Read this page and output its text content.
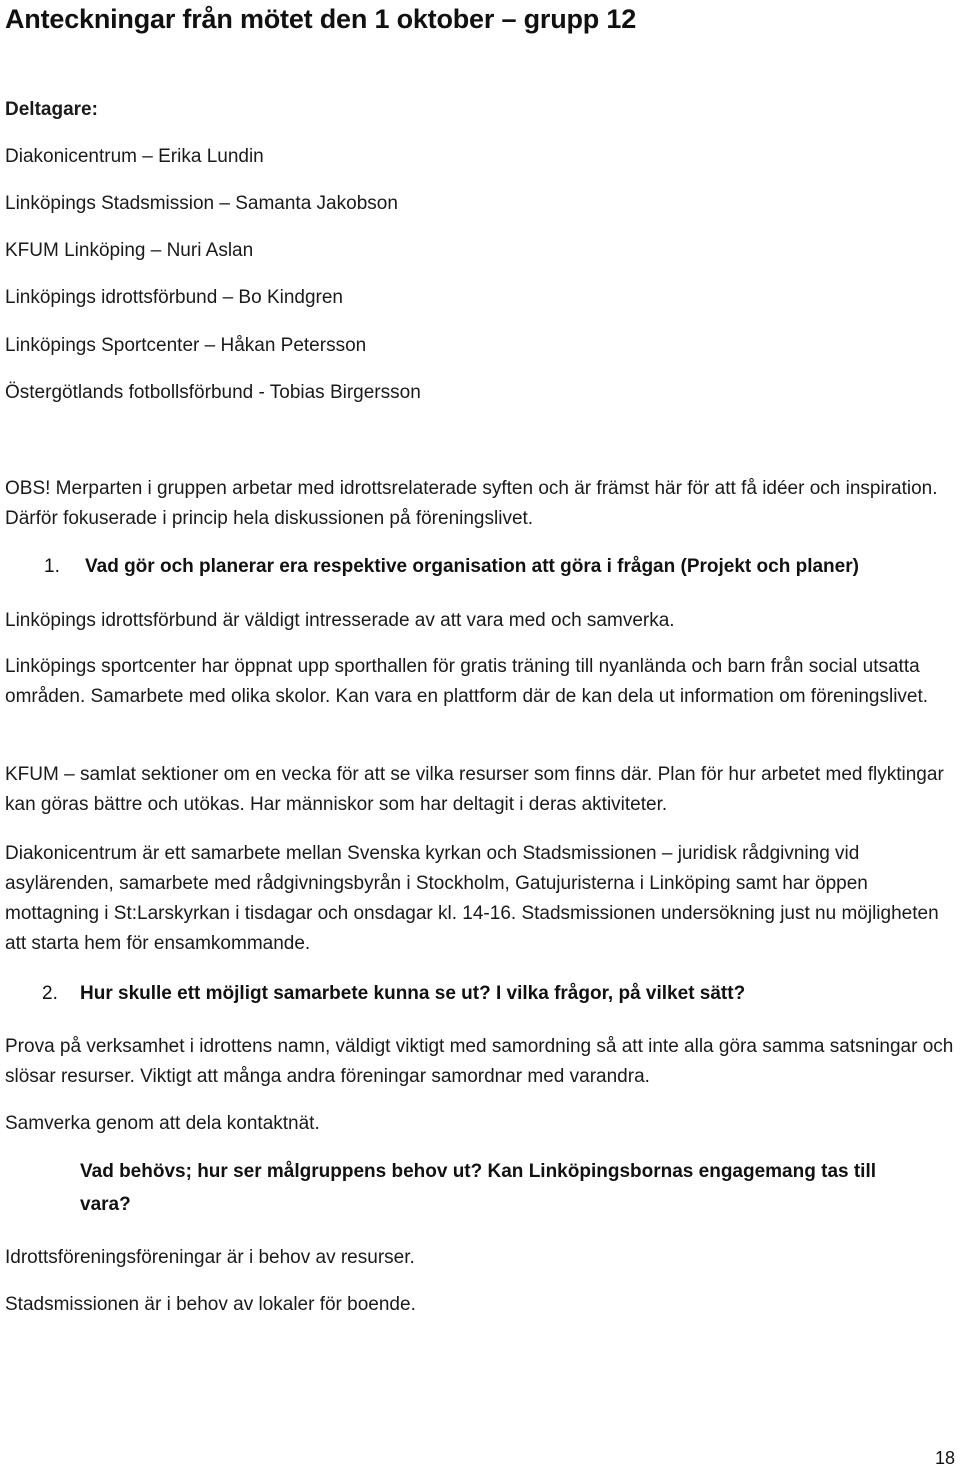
Anteckningar från mötet den 1 oktober – grupp 12

Deltagare:

Diakonicentrum – Erika Lundin

Linköpings Stadsmission – Samanta Jakobson

KFUM Linköping – Nuri Aslan

Linköpings idrottsförbund – Bo Kindgren

Linköpings Sportcenter – Håkan Petersson

Östergötlands fotbollsförbund - Tobias Birgersson

OBS! Merparten i gruppen arbetar med idrottsrelaterade syften och är främst här för att få idéer och inspiration. Därför fokuserade i princip hela diskussionen på föreningslivet.

1. Vad gör och planerar era respektive organisation att göra i frågan (Projekt och planer)

Linköpings idrottsförbund är väldigt intresserade av att vara med och samverka.

Linköpings sportcenter har öppnat upp sporthallen för gratis träning till nyanlända och barn från social utsatta områden. Samarbete med olika skolor. Kan vara en plattform där de kan dela ut information om föreningslivet.

KFUM – samlat sektioner om en vecka för att se vilka resurser som finns där. Plan för hur arbetet med flyktingar kan göras bättre och utökas. Har människor som har deltagit i deras aktiviteter.

Diakonicentrum är ett samarbete mellan Svenska kyrkan och Stadsmissionen – juridisk rådgivning vid asylärenden, samarbete med rådgivningsbyrån i Stockholm, Gatujuristerna i Linköping samt har öppen mottagning i St:Larskyrkan i tisdagar och onsdagar kl. 14-16. Stadsmissionen undersökning just nu möjligheten att starta hem för ensamkommande.

2. Hur skulle ett möjligt samarbete kunna se ut? I vilka frågor, på vilket sätt?

Prova på verksamhet i idrottens namn, väldigt viktigt med samordning så att inte alla göra samma satsningar och slösar resurser. Viktigt att många andra föreningar samordnar med varandra.

Samverka genom att dela kontaktnät.

Vad behövs; hur ser målgruppens behov ut? Kan Linköpingsbornas engagemang tas till vara?

Idrottsföreningsföreningar är i behov av resurser.

Stadsmissionen är i behov av lokaler för boende.

18
